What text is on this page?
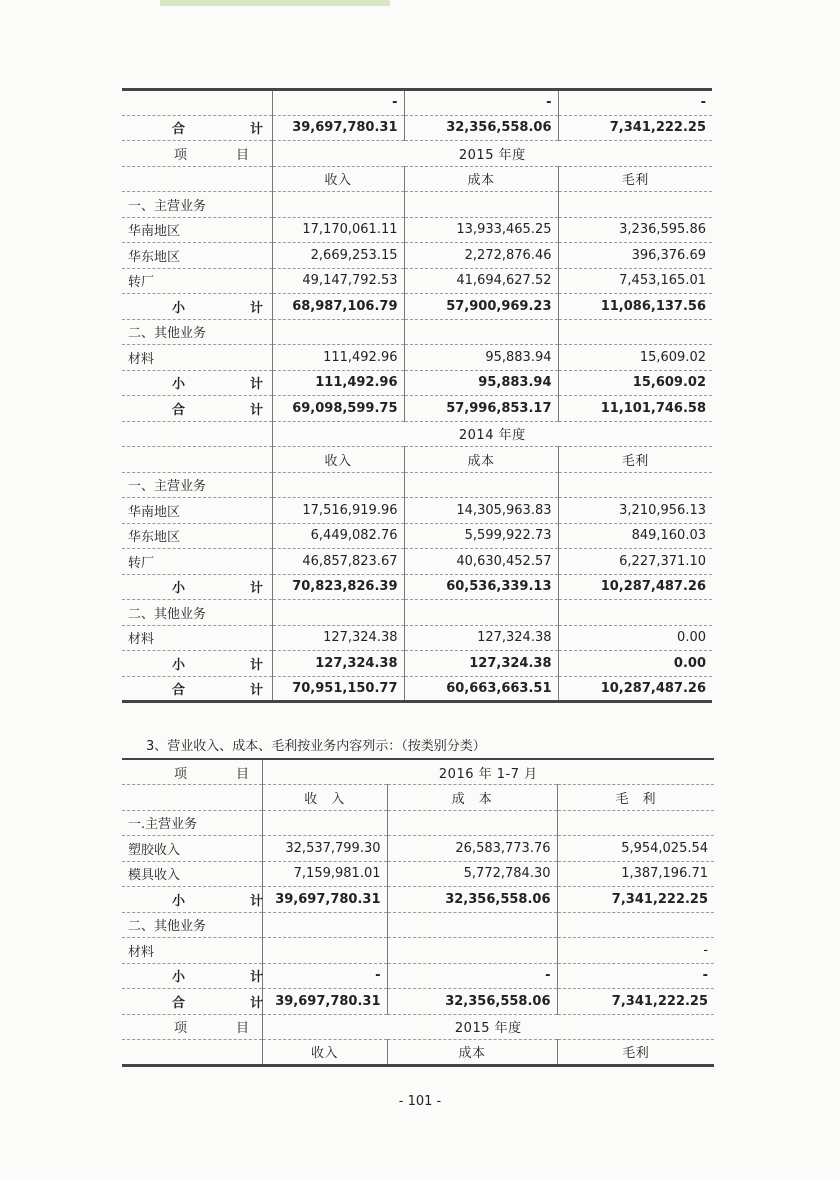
	-	-	-
合　计	39,697,780.31	32,356,558.06	7,341,222.25
项　目	2015 年度		
	收入	成本	毛利
一、主营业务			
华南地区	17,170,061.11	13,933,465.25	3,236,595.86
华东地区	2,669,253.15	2,272,876.46	396,376.69
转厂	49,147,792.53	41,694,627.52	7,453,165.01
小　计	68,987,106.79	57,900,969.23	11,086,137.56
二、其他业务			
材料	111,492.96	95,883.94	15,609.02
小　计	111,492.96	95,883.94	15,609.02
合　计	69,098,599.75	57,996,853.17	11,101,746.58
	2014 年度		
	收入	成本	毛利
一、主营业务			
华南地区	17,516,919.96	14,305,963.83	3,210,956.13
华东地区	6,449,082.76	5,599,922.73	849,160.03
转厂	46,857,823.67	40,630,452.57	6,227,371.10
小　计	70,823,826.39	60,536,339.13	10,287,487.26
二、其他业务			
材料	127,324.38	127,324.38	0.00
小　计	127,324.38	127,324.38	0.00
合　计	70,951,150.77	60,663,663.51	10,287,487.26
3、营业收入、成本、毛利按业务内容列示：（按类别分类）
项　目	2016 年 1-7 月		
	收　入	成　本	毛　利
一.主营业务			
塑胶收入	32,537,799.30	26,583,773.76	5,954,025.54
模具收入	7,159,981.01	5,772,784.30	1,387,196.71
小　计	39,697,780.31	32,356,558.06	7,341,222.25
二、其他业务			
材料			-
小　计	-	-	-
合　计	39,697,780.31	32,356,558.06	7,341,222.25
项　目	2015 年度		
	收入	成本	毛利
- 101 -
